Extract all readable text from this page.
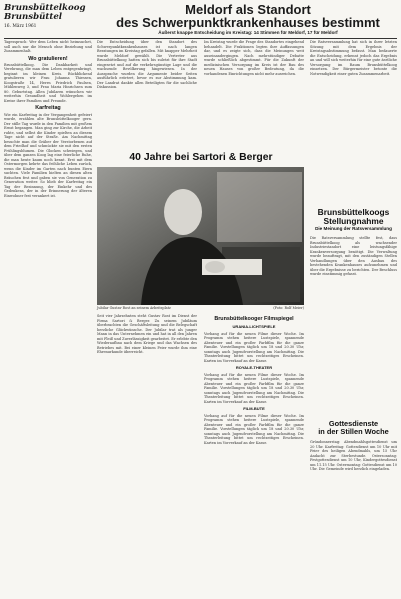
Brunsbüttelkoog
Brunsbüttel
16. März 1961
Meldorf als Standort
des Schwerpunktkrankenhauses bestimmt
Äußerst knappe Entscheidung im Kreistag: 14 Stimmen für Meldorf, 17 für Meldorf

Tagesspruch: Wer dem Leben nicht heimsuchet, soll auch nur die Mensch ohne Beziehung und Zusammenhalt.

Wo gratulieren!

Brunsbüttelkoog. Die Dankbarkeit und Verehrung, die man dem Leben entgegenbringt, beginnt im kleinen Kreis. Rückblickend gratulieren wir Frau Johanna Thiessen, Koogstraße 14, Herrn Friedrich Paulsen, Mühlenweg 3, und Frau Maria Hinrichsen zum 80. Geburtstag. Allen Jubilaren wünschen wir weiterhin Gesundheit und Wohlergehen im Kreise ihrer Familien und Freunde.

Karfreitag

Wie ein Karfreitag in der Vergangenheit gefeiert wurde, erzählen alte Brunsbüttelkooger gern. Der stille Tag wurde in den Familien mit großem Ernst begangen. Man ging zur Kirche, die Arbeit ruhte, und selbst die Kinder spielten an diesem Tage nicht auf der Straße. Am Nachmittag besuchte man die Gräber der Verstorbenen auf dem Friedhof und schmückte sie mit den ersten Frühlingsblumen. Die Glocken schwiegen, und über dem ganzen Koog lag eine feierliche Ruhe, die man heute kaum noch kennt. Erst mit dem Ostermorgen kehrte das fröhliche Leben zurück, wenn die Kinder im Garten nach bunten Eiern suchten. Viele Familien hielten an diesen alten Bräuchen fest und gaben sie von Generation zu Generation weiter. So blieb der Karfreitag ein Tag der Besinnung, der Einkehr und des Gedenkens, der in der Erinnerung der älteren Einwohner fest verankert ist.

Die Entscheidung über den Standort des Schwerpunktkrankenhauses ist nach langen Beratungen im Kreistag gefallen. Mit knapper Mehrheit wurde Meldorf gewählt. Die Vertreter aus Brunsbüttelkoog hatten sich bis zuletzt für ihre Stadt eingesetzt und auf die verkehrsgünstige Lage und die wachsende Bevölkerung hingewiesen. In der Aussprache wurden die Argumente beider Seiten ausführlich erörtert, bevor es zur Abstimmung kam. Der Landrat dankte allen Beteiligten für die sachliche Diskussion.

Im Kreistag wurde die Frage des Standortes eingehend behandelt. Die Fraktionen legten ihre Auffassungen dar, und es zeigte sich, dass die Meinungen weit auseinandergingen. Nach mehrstündiger Debatte wurde schließlich abgestimmt. Für die Zukunft der medizinischen Versorgung im Kreis ist der Bau des neuen Hauses von großer Bedeutung, da die vorhandenen Einrichtungen nicht mehr ausreichen.

40 Jahre bei Sartori & Berger
Jubilar Gustav Rost an seinem Arbeitsplatz	(Foto: Rolf Meier)

Seit vier Jahrzehnten steht Gustav Rost im Dienst der Firma Sartori & Berger. Zu seinem Jubiläum überbrachten die Geschäftsleitung und die Belegschaft herzliche Glückwünsche. Der Jubilar trat als junger Mann in das Unternehmen ein und hat in all den Jahren mit Fleiß und Zuverlässigkeit gearbeitet. Er erlebte den Wiederaufbau nach dem Kriege und das Wachsen des Betriebes mit. Bei einer kleinen Feier wurde ihm eine Ehrenurkunde überreicht.

Brunsbüttelkooger Filmspiegel
URANIA-LICHTSPIELE

Vorhang auf für die neuen Filme dieser Woche. Im Programm stehen heitere Lustspiele, spannende Abenteuer und ein großer Farbfilm für die ganze Familie. Vorstellungen täglich um 18 und 20.30 Uhr, sonntags auch Jugendvorstellung am Nachmittag. Die Theaterleitung bittet um rechtzeitiges Erscheinen. Karten im Vorverkauf an der Kasse.

ROYALE-THEATER

Vorhang auf für die neuen Filme dieser Woche. Im Programm stehen heitere Lustspiele, spannende Abenteuer und ein großer Farbfilm für die ganze Familie. Vorstellungen täglich um 18 und 20.30 Uhr, sonntags auch Jugendvorstellung am Nachmittag. Die Theaterleitung bittet um rechtzeitiges Erscheinen. Karten im Vorverkauf an der Kasse.

FILM-BUTE

Vorhang auf für die neuen Filme dieser Woche. Im Programm stehen heitere Lustspiele, spannende Abenteuer und ein großer Farbfilm für die ganze Familie. Vorstellungen täglich um 18 und 20.30 Uhr, sonntags auch Jugendvorstellung am Nachmittag. Die Theaterleitung bittet um rechtzeitiges Erscheinen. Karten im Vorverkauf an der Kasse.

Die Ratsversammlung hat sich in ihrer letzten Sitzung mit dem Ergebnis der Kreistagsabstimmung befasst. Man bedauerte die Entscheidung, erkennt jedoch das Ergebnis an und will sich weiterhin für eine gute ärztliche Versorgung im Raum Brunsbüttelkoog einsetzen. Der Bürgermeister betonte die Notwendigkeit einer guten Zusammenarbeit.

Brunsbüttelkoogs
Stellungnahme
Die Meinung der Ratsversammlung

Die Ratsversammlung stellte fest, dass Brunsbüttelkoog als wachsender Industriestandort eine leistungsfähige Krankenversorgung benötigt. Die Verwaltung wurde beauftragt, mit den zuständigen Stellen Verhandlungen über den Ausbau des bestehenden Krankenhauses aufzunehmen und über die Ergebnisse zu berichten. Der Beschluss wurde einstimmig gefasst.

Gottesdienste
in der Stillen Woche

Gründonnerstag: Abendmahlsgottesdienst um 20 Uhr. Karfreitag: Gottesdienst um 10 Uhr mit Feier des heiligen Abendmahls, um 15 Uhr Andacht zur Sterbestunde. Ostersonntag: Festgottesdienst um 10 Uhr, Kindergottesdienst um 11.15 Uhr. Ostermontag: Gottesdienst um 10 Uhr. Die Gemeinde wird herzlich eingeladen.
